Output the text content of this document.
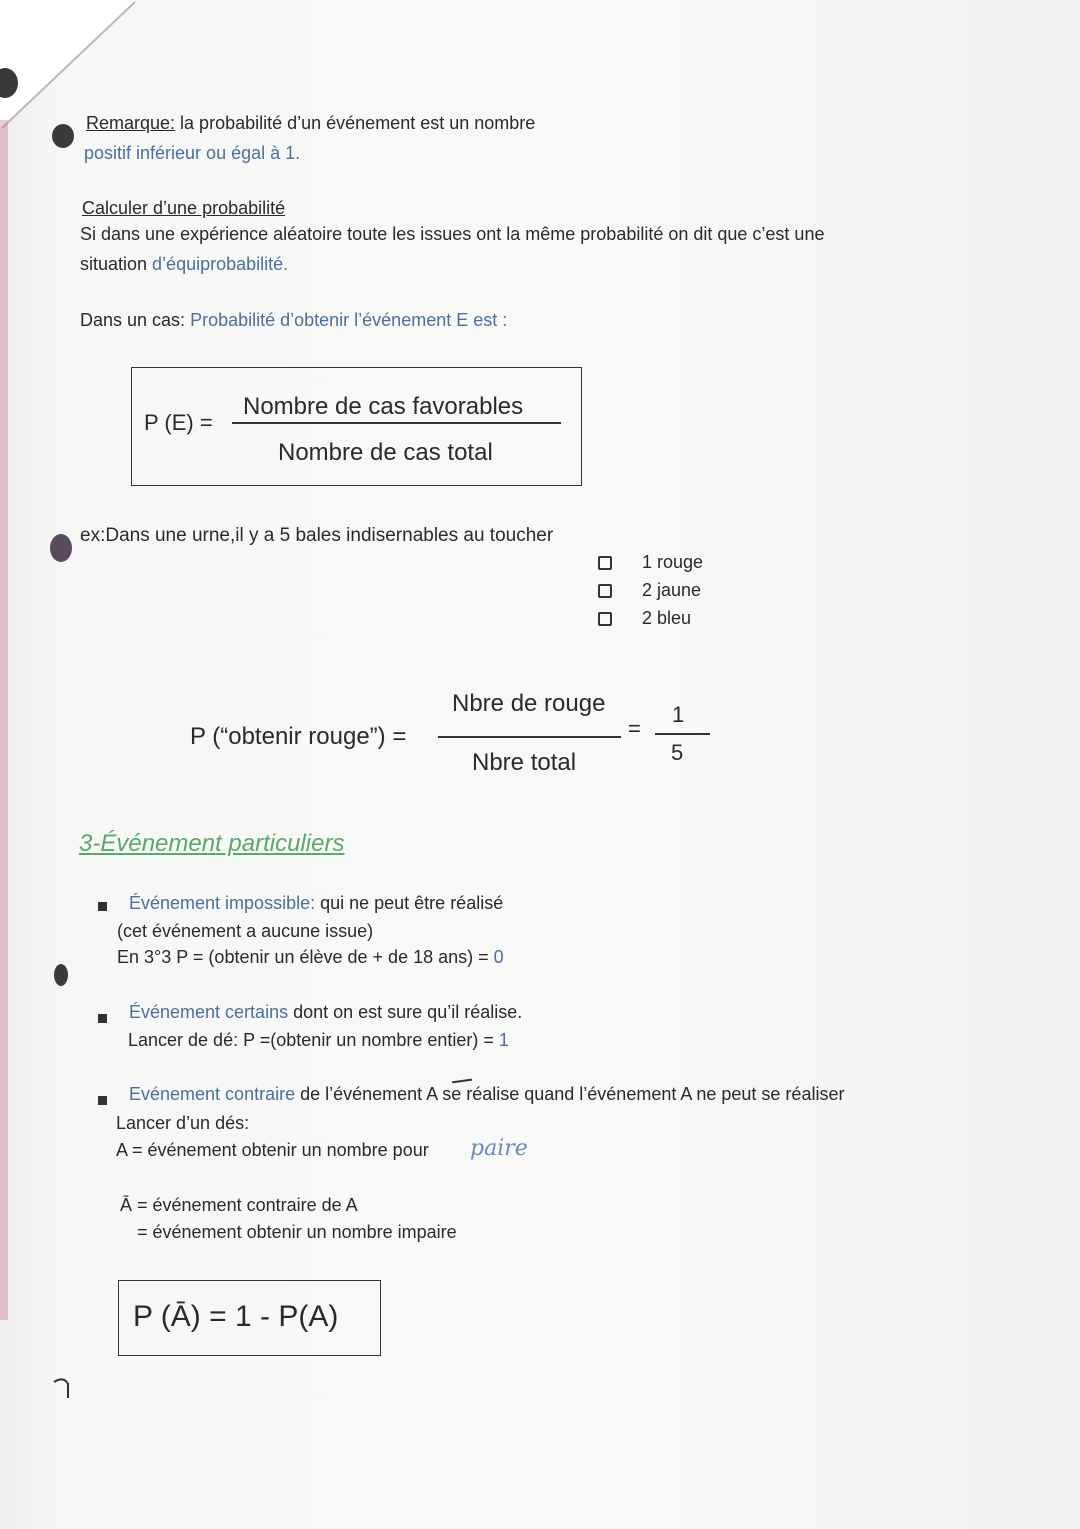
Remarque: la probabilité d’un événement est un nombre
positif inférieur ou égal à 1.
Calculer d’une probabilité
Si dans une expérience aléatoire toute les issues ont la même probabilité on dit que c’est une
situation d’équiprobabilité.
Dans un cas: Probabilité d’obtenir l’événement E est :
P (E) =
Nombre de cas favorables
Nombre de cas total
ex:Dans une urne,il y a 5 bales indisernables au toucher
1 rouge
2 jaune
2 bleu
P (“obtenir rouge”) =
Nbre de rouge
Nbre total
=
1
5
3-Événement particuliers
Événement impossible: qui ne peut être réalisé
(cet événement a aucune issue)
En 3°3 P = (obtenir un élève de + de 18 ans) = 0
Événement certains dont on est sure qu’il réalise.
Lancer de dé: P =(obtenir un nombre entier) = 1
Evénement contraire de l’événement A se réalise quand l’événement A ne peut se réaliser
Lancer d’un dés:
A = événement obtenir un nombre pour paire
Ā = événement contraire de A
= événement obtenir un nombre impaire
P (Ā) = 1 - P(A)
